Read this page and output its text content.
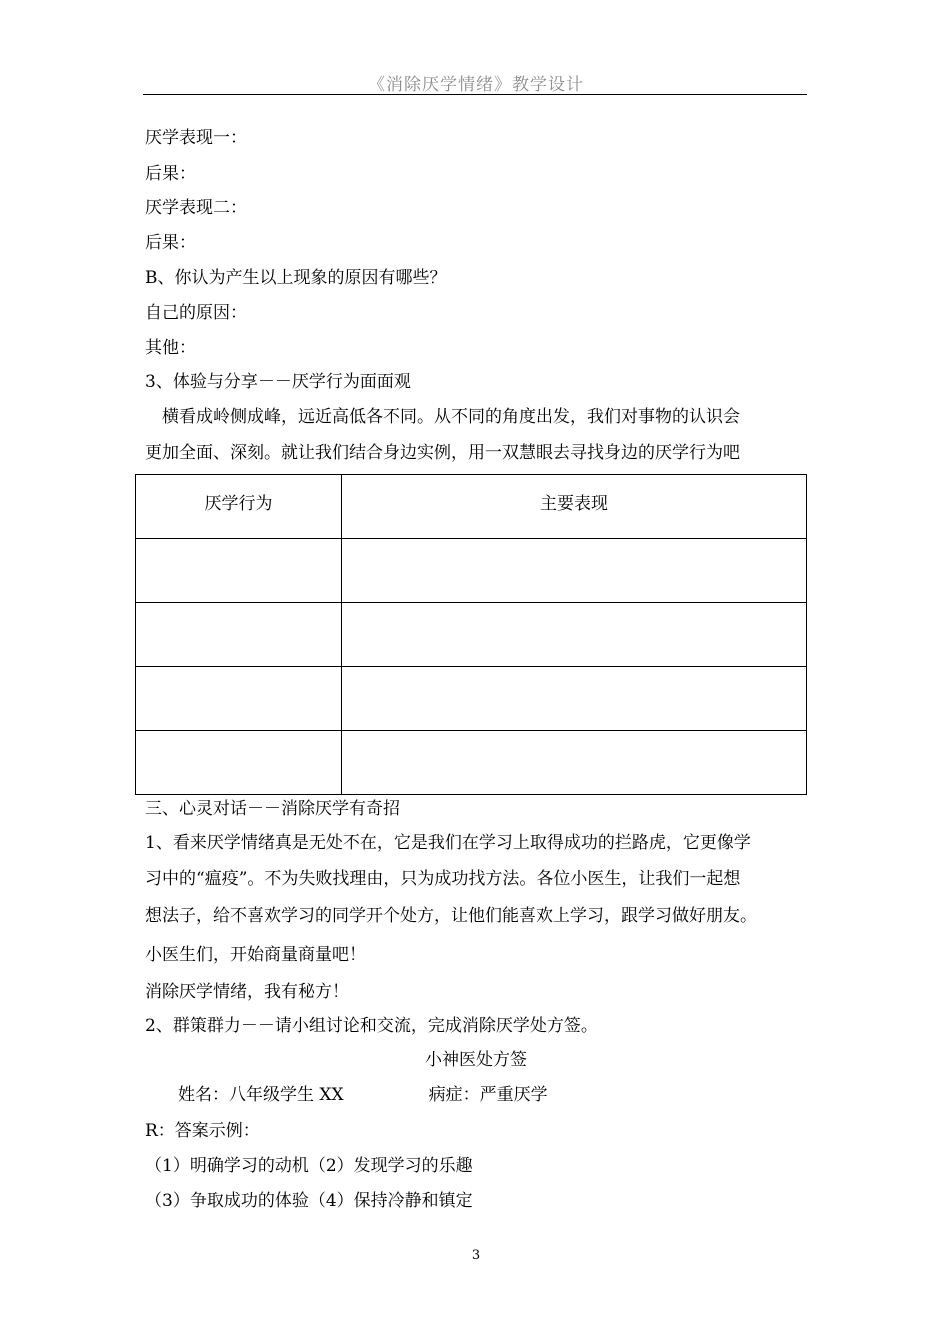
《消除厌学情绪》教学设计
厌学表现一：
后果：
厌学表现二：
后果：
B、你认为产生以上现象的原因有哪些？
自己的原因：
其他：
3、体验与分享－－厌学行为面面观
横看成岭侧成峰，远近高低各不同。从不同的角度出发，我们对事物的认识会
更加全面、深刻。就让我们结合身边实例，用一双慧眼去寻找身边的厌学行为吧
厌学行为	主要表现

三、心灵对话－－消除厌学有奇招
1、看来厌学情绪真是无处不在，它是我们在学习上取得成功的拦路虎，它更像学
习中的“瘟疫”。不为失败找理由，只为成功找方法。各位小医生，让我们一起想
想法子，给不喜欢学习的同学开个处方，让他们能喜欢上学习，跟学习做好朋友。
小医生们，开始商量商量吧！
消除厌学情绪，我有秘方！
2、群策群力－－请小组讨论和交流，完成消除厌学处方签。
小神医处方签
姓名：八年级学生 XX	病症：严重厌学
R：答案示例：
（1）明确学习的动机（2）发现学习的乐趣
（3）争取成功的体验（4）保持冷静和镇定
3
